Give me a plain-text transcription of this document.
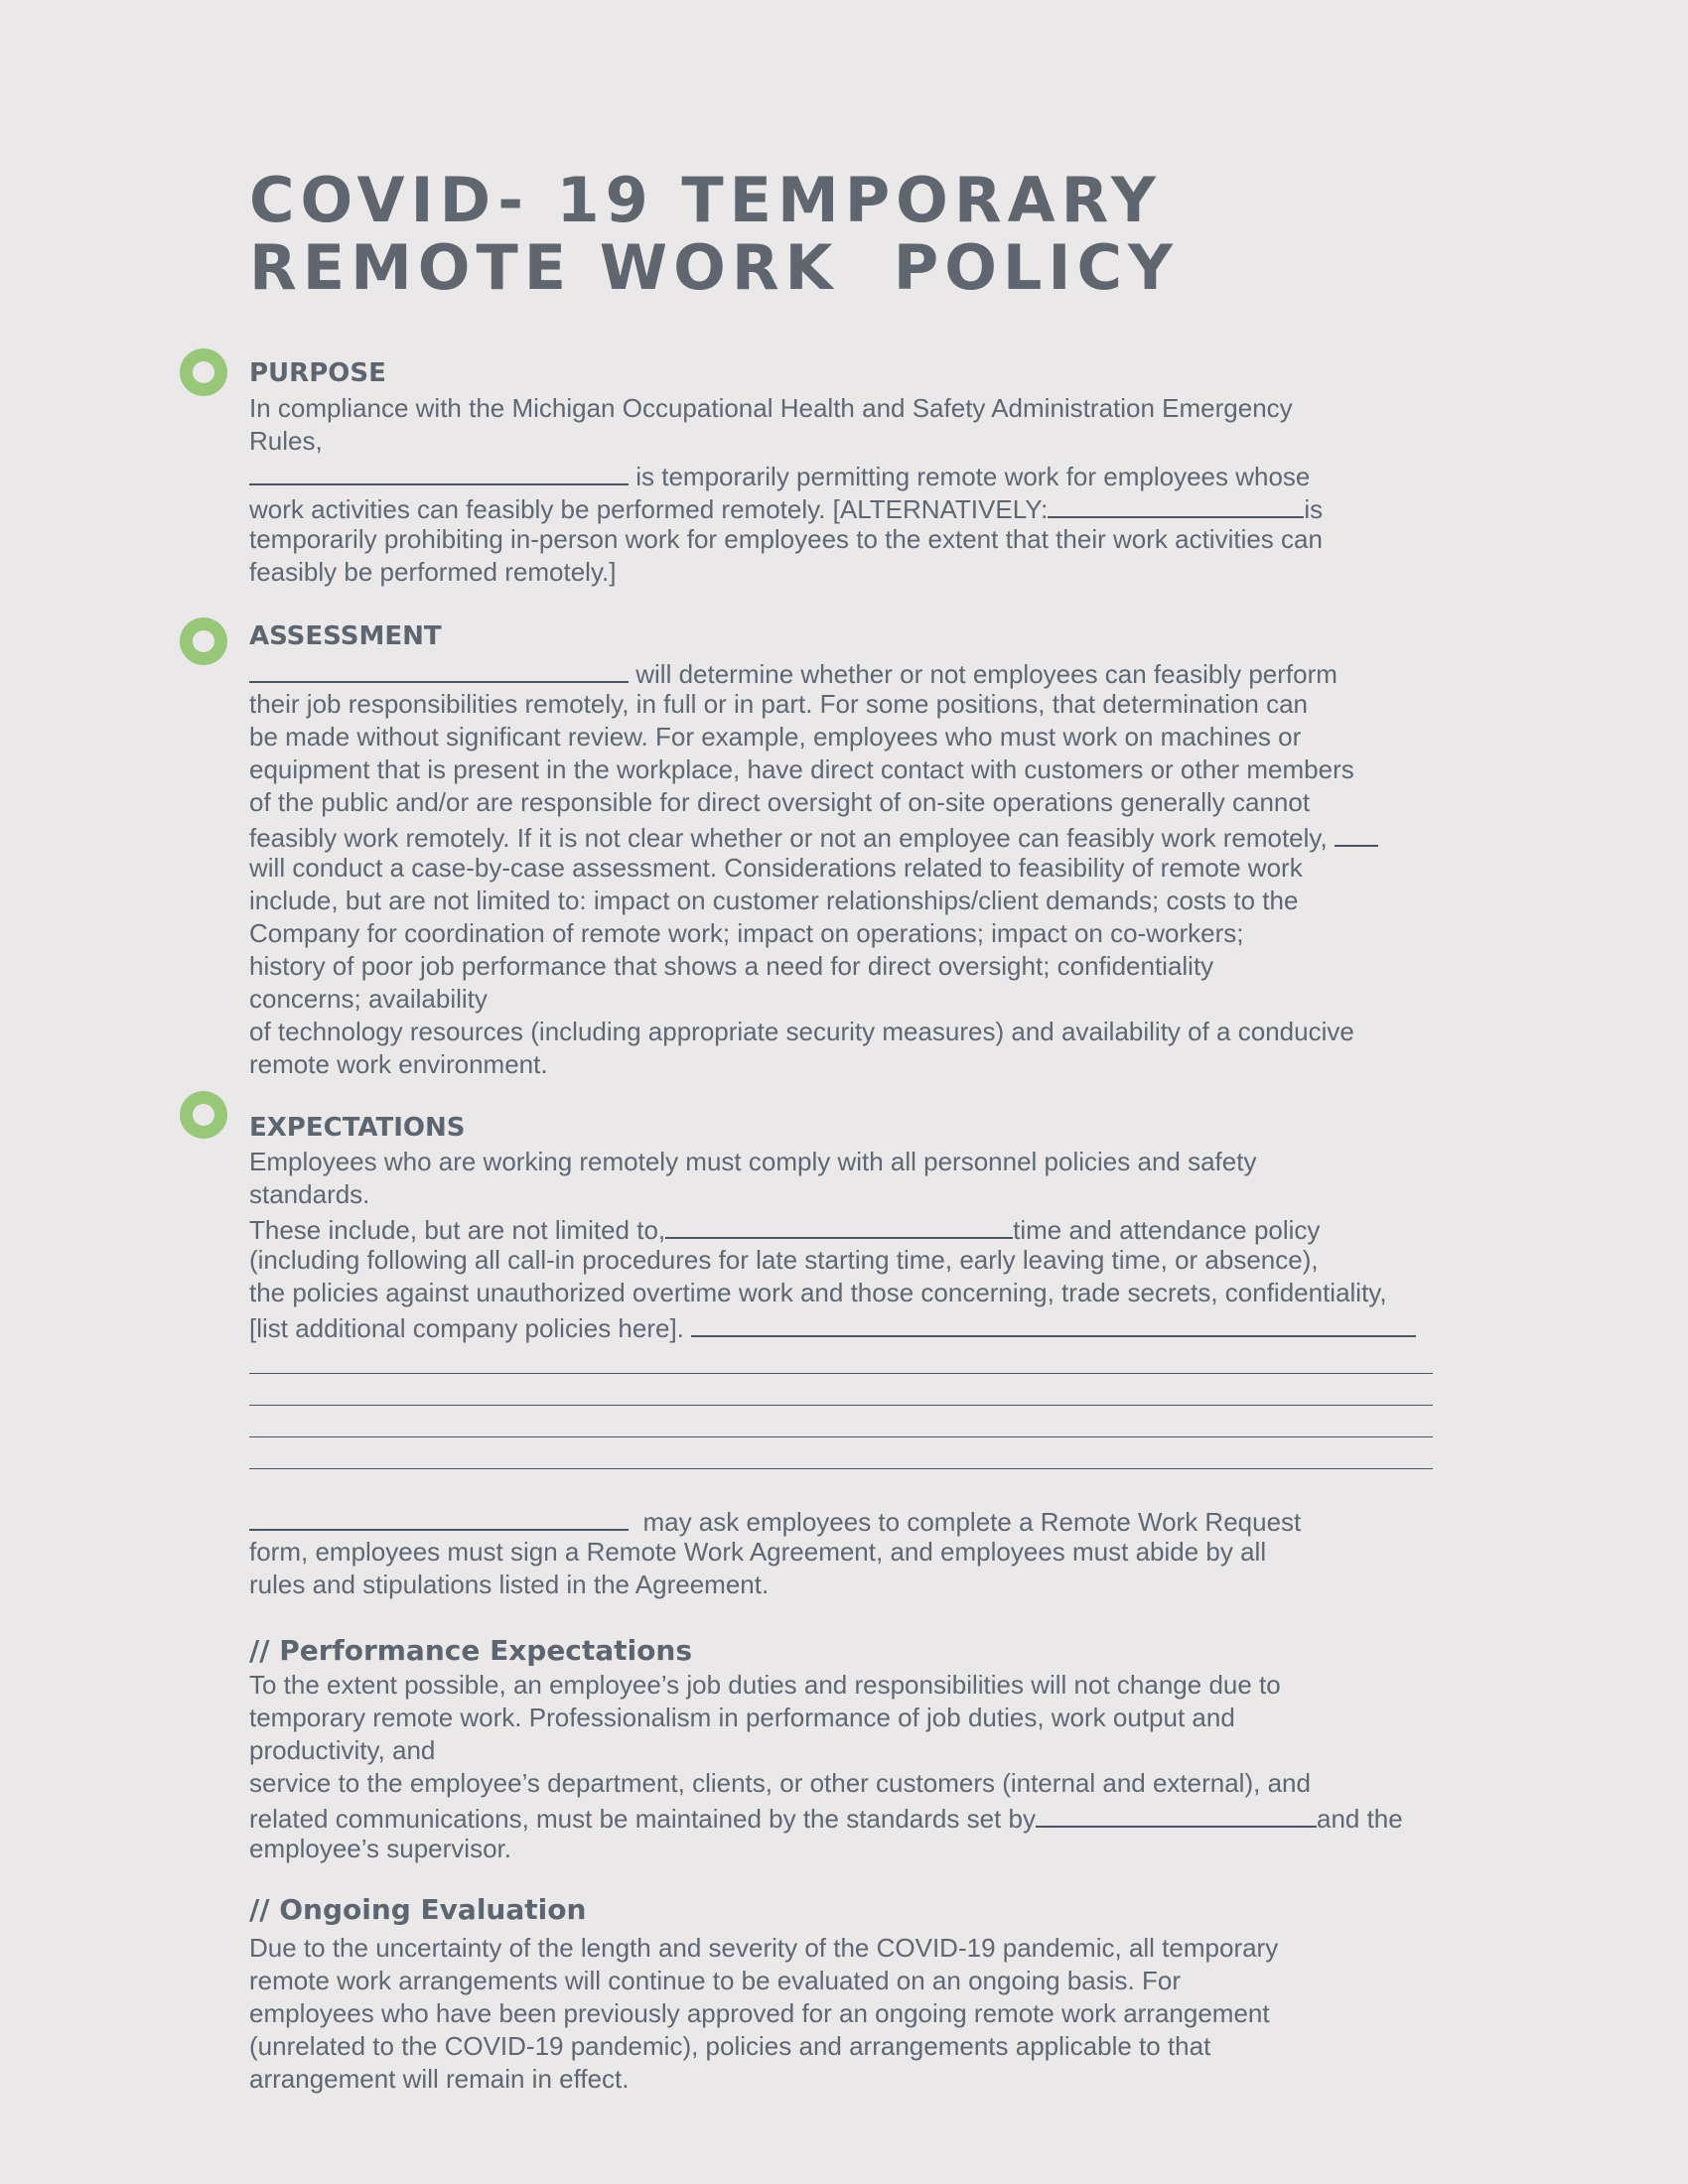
COVID- 19 TEMPORARY
REMOTE WORK  POLICY
PURPOSE
In compliance with the Michigan Occupational Health and Safety Administration Emergency
Rules,
is temporarily permitting remote work for employees whose
work activities can feasibly be performed remotely. [ALTERNATIVELY:	is
temporarily prohibiting in-person work for employees to the extent that their work activities can
feasibly be performed remotely.]
ASSESSMENT
will determine whether or not employees can feasibly perform
their job responsibilities remotely, in full or in part. For some positions, that determination can
be made without significant review. For example, employees who must work on machines or
equipment that is present in the workplace, have direct contact with customers or other members
of the public and/or are responsible for direct oversight of on-site operations generally cannot
feasibly work remotely. If it is not clear whether or not an employee can feasibly work remotely,
will conduct a case-by-case assessment. Considerations related to feasibility of remote work
include, but are not limited to: impact on customer relationships/client demands; costs to the
Company for coordination of remote work; impact on operations; impact on co-workers;
history of poor job performance that shows a need for direct oversight; confidentiality
concerns; availability
of technology resources (including appropriate security measures) and availability of a conducive
remote work environment.
EXPECTATIONS
Employees who are working remotely must comply with all personnel policies and safety
standards.
These include, but are not limited to,	time and attendance policy
(including following all call-in procedures for late starting time, early leaving time, or absence),
the policies against unauthorized overtime work and those concerning, trade secrets, confidentiality,
[list additional company policies here].
may ask employees to complete a Remote Work Request
form, employees must sign a Remote Work Agreement, and employees must abide by all
rules and stipulations listed in the Agreement.
// Performance Expectations
To the extent possible, an employee’s job duties and responsibilities will not change due to
temporary remote work. Professionalism in performance of job duties, work output and
productivity, and
service to the employee’s department, clients, or other customers (internal and external), and
related communications, must be maintained by the standards set by	and the
employee’s supervisor.
// Ongoing Evaluation
Due to the uncertainty of the length and severity of the COVID-19 pandemic, all temporary
remote work arrangements will continue to be evaluated on an ongoing basis. For
employees who have been previously approved for an ongoing remote work arrangement
(unrelated to the COVID-19 pandemic), policies and arrangements applicable to that
arrangement will remain in effect.
